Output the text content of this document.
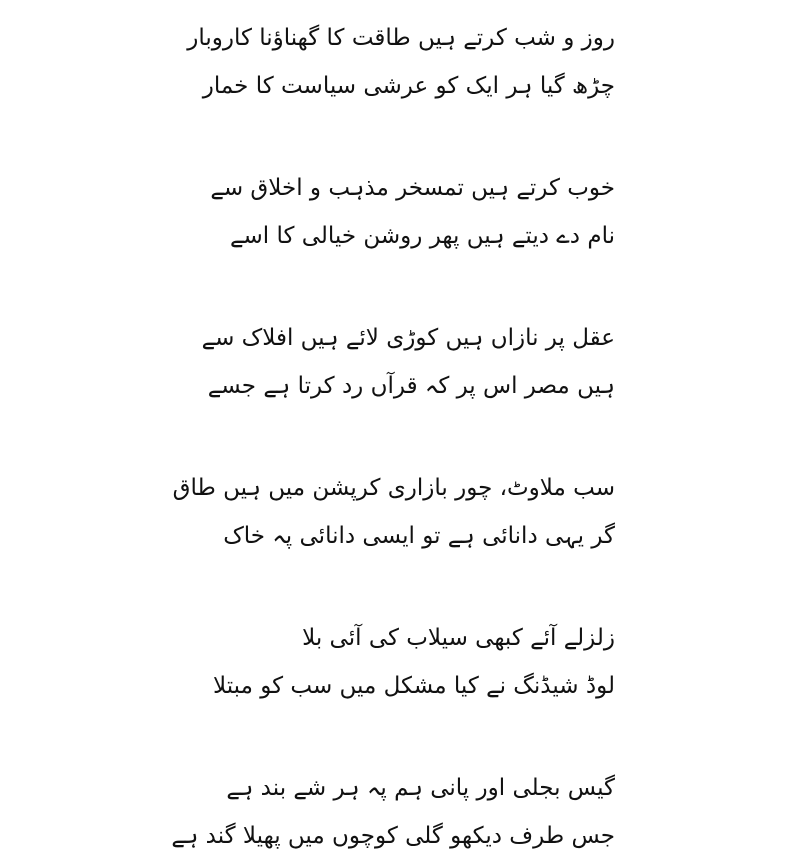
روز و شب کرتے ہیں طاقت کا گھناؤنا کاروبار
چڑھ گیا ہر ایک کو عرشی سیاست کا خمار
خوب کرتے ہیں تمسخر مذہب و اخلاق سے
نام دے دیتے ہیں پھر روشن خیالی کا اسے
عقل پر نازاں ہیں کوڑی لائے ہیں افلاک سے
ہیں مصر اس پر کہ قرآں رد کرتا ہے جسے
سب ملاوٹ، چور بازاری کرپشن میں ہیں طاق
گر یہی دانائی ہے تو ایسی دانائی پہ خاک
زلزلے آئے کبھی سیلاب کی آئی بلا
لوڈ شیڈنگ نے کیا مشکل میں سب کو مبتلا
گیس بجلی اور پانی ہم پہ ہر شے بند ہے
جس طرف دیکھو گلی کوچوں میں پھیلا گند ہے
